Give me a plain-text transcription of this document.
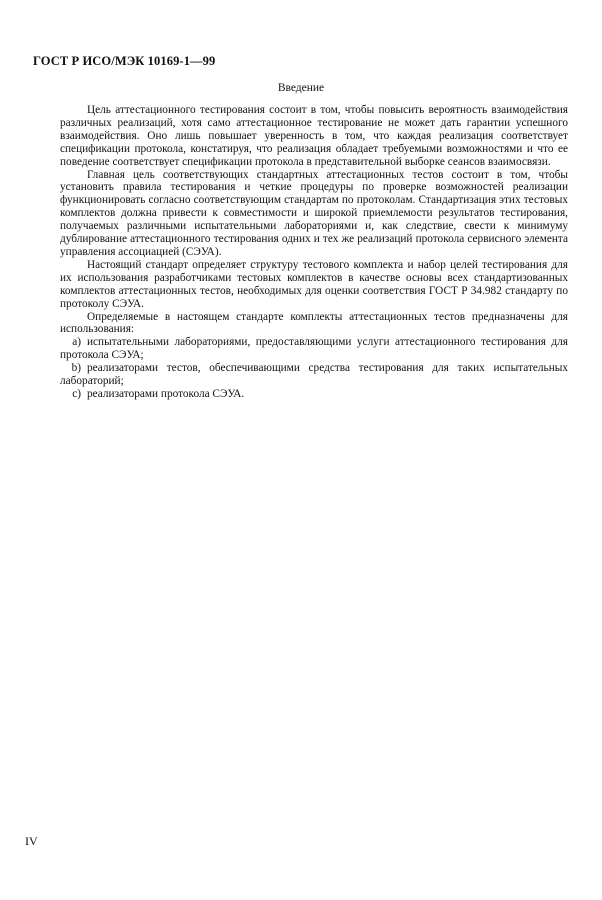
ГОСТ Р ИСО/МЭК 10169-1—99
Введение

Цель аттестационного тестирования состоит в том, чтобы повысить вероятность взаимодействия различных реализаций, хотя само аттестационное тестирование не может дать гарантии успешного взаимодействия. Оно лишь повышает уверенность в том, что каждая реализация соответствует спецификации протокола, констатируя, что реализация обладает требуемыми возможностями и что ее поведение соответствует спецификации протокола в представительной выборке сеансов взаимосвязи.

Главная цель соответствующих стандартных аттестационных тестов состоит в том, чтобы установить правила тестирования и четкие процедуры по проверке возможностей реализации функционировать согласно соответствующим стандартам по протоколам. Стандартизация этих тестовых комплектов должна привести к совместимости и широкой приемлемости результатов тестирования, получаемых различными испытательными лабораториями и, как следствие, свести к минимуму дублирование аттестационного тестирования одних и тех же реализаций протокола сервисного элемента управления ассоциацией (СЭУА).

Настоящий стандарт определяет структуру тестового комплекта и набор целей тестирования для их использования разработчиками тестовых комплектов в качестве основы всех стандартизованных комплектов аттестационных тестов, необходимых для оценки соответствия ГОСТ Р 34.982 стандарту по протоколу СЭУА.

Определяемые в настоящем стандарте комплекты аттестационных тестов предназначены для использования:

a) испытательными лабораториями, предоставляющими услуги аттестационного тестирования для протокола СЭУА;

b) реализаторами тестов, обеспечивающими средства тестирования для таких испытательных лабораторий;

c) реализаторами протокола СЭУА.

IV
